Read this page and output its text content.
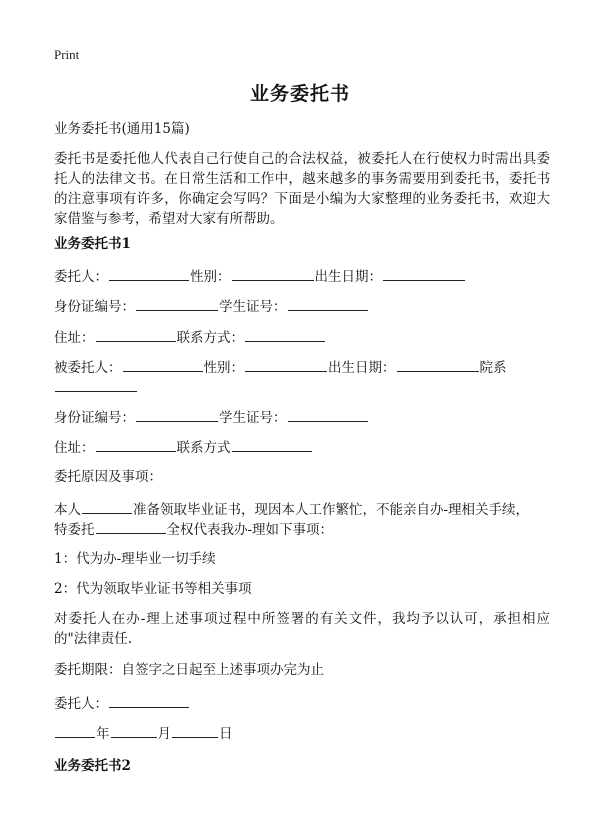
Print
业务委托书
业务委托书(通用15篇)

委托书是委托他人代表自己行使自己的合法权益，被委托人在行使权力时需出具委托人的法律文书。在日常生活和工作中，越来越多的事务需要用到委托书，委托书的注意事项有许多，你确定会写吗？下面是小编为大家整理的业务委托书，欢迎大家借鉴与参考，希望对大家有所帮助。

业务委托书1
委托人：	性别：	出生日期：
身份证编号：	学生证号：
住址：	联系方式：
被委托人：	性别：	出生日期：	院系
身份证编号：	学生证号：
住址：	联系方式
委托原因及事项：
本人	准备领取毕业证书，现因本人工作繁忙，不能亲自办-理相关手续，
特委托	全权代表我办-理如下事项：
1：代为办-理毕业一切手续
2：代为领取毕业证书等相关事项

对委托人在办-理上述事项过程中所签署的有关文件，我均予以认可，承担相应的"法律责任.

委托期限：自签字之日起至上述事项办完为止
委托人：
年	月	日
业务委托书2
